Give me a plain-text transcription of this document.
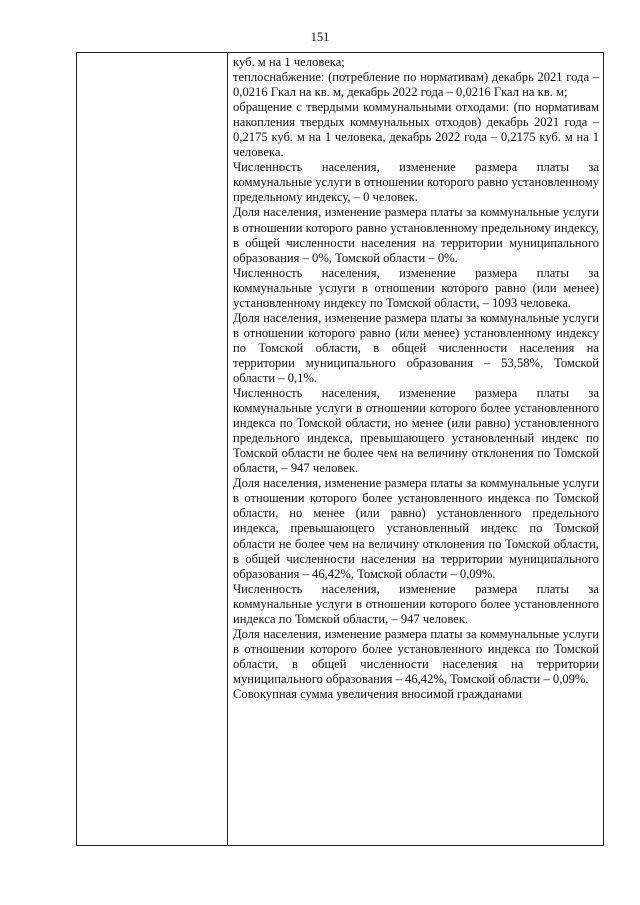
151

куб. м на 1 человека;

теплоснабжение: (потребление по нормативам) декабрь 2021 года – 0,0216 Гкал на кв. м, декабрь 2022 года – 0,0216 Гкал на кв. м;

обращение с твердыми коммунальными отходами: (по нормативам накопления твердых коммунальных отходов) декабрь 2021 года – 0,2175 куб. м на 1 человека, декабрь 2022 года – 0,2175 куб. м на 1 человека.

Численность населения, изменение размера платы за коммунальные услуги в отношении которого равно установленному предельному индексу, – 0 человек.

Доля населения, изменение размера платы за коммунальные услуги в отношении которого равно установленному предельному индексу, в общей численности населения на территории муниципального образования – 0%, Томской области – 0%.

Численность населения, изменение размера платы за коммунальные услуги в отношении которого равно (или менее) установленному индексу по Томской области, – 1093 человека.

Доля населения, изменение размера платы за коммунальные услуги в отношении которого равно (или менее) установленному индексу по Томской области, в общей численности населения на территории муниципального образования – 53,58%, Томской области – 0,1%.

Численность населения, изменение размера платы за коммунальные услуги в отношении которого более установленного индекса по Томской области, но менее (или равно) установленного предельного индекса, превышающего установленный индекс по Томской области не более чем на величину отклонения по Томской области, – 947 человек.

Доля населения, изменение размера платы за коммунальные услуги в отношении которого более установленного индекса по Томской области, но менее (или равно) установленного предельного индекса, превышающего установленный индекс по Томской области не более чем на величину отклонения по Томской области, в общей численности населения на территории муниципального образования – 46,42%, Томской области – 0,09%.

Численность населения, изменение размера платы за коммунальные услуги в отношении которого более установленного индекса по Томской области, – 947 человек.

Доля населения, изменение размера платы за коммунальные услуги в отношении которого более установленного индекса по Томской области, в общей численности населения на территории муниципального образования – 46,42%, Томской области – 0,09%.

Совокупная сумма увеличения вносимой гражданами
